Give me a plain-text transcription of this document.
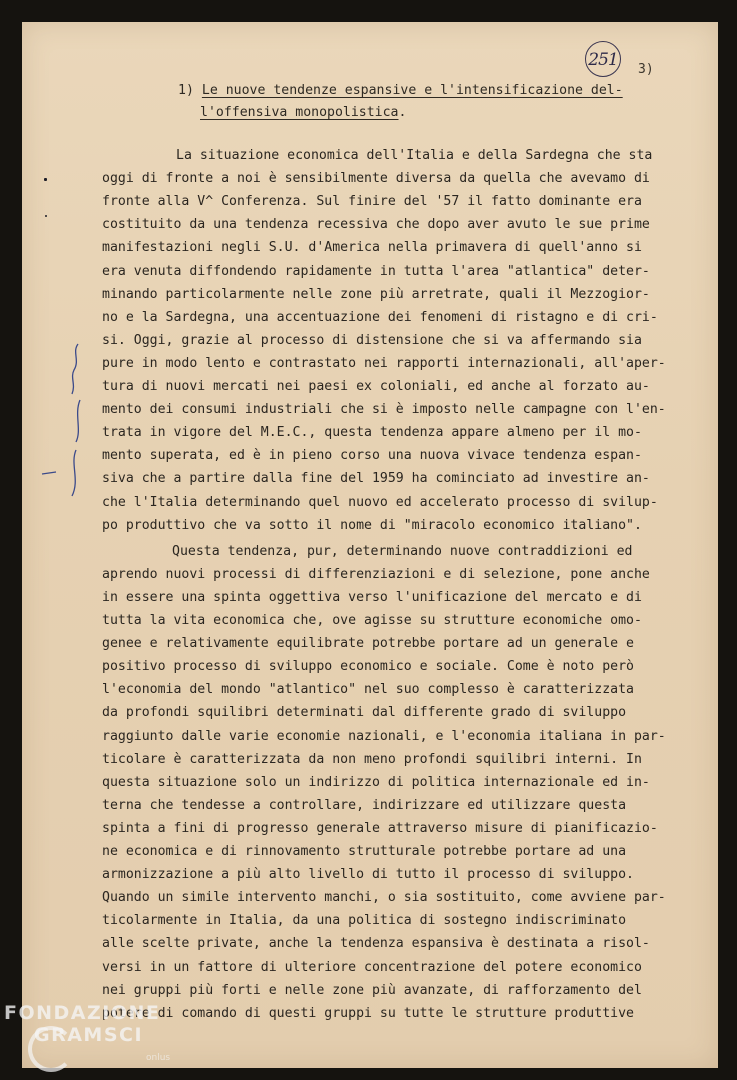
251 3)
1) Le nuove tendenze espansive e l'intensificazione del-
l'offensiva monopolistica.
La situazione economica dell'Italia e della Sardegna che sta
oggi di fronte a noi è sensibilmente diversa da quella che avevamo di
fronte alla V^ Conferenza. Sul finire del '57 il fatto dominante era
costituito da una tendenza recessiva che dopo aver avuto le sue prime
manifestazioni negli S.U. d'America nella primavera di quell'anno si
era venuta diffondendo rapidamente in tutta l'area "atlantica" deter-
minando particolarmente nelle zone più arretrate, quali il Mezzogior-
no e la Sardegna, una accentuazione dei fenomeni di ristagno e di cri-
si. Oggi, grazie al processo di distensione che si va affermando sia
pure in modo lento e contrastato nei rapporti internazionali, all'aper-
tura di nuovi mercati nei paesi ex coloniali, ed anche al forzato au-
mento dei consumi industriali che si è imposto nelle campagne con l'en-
trata in vigore del M.E.C., questa tendenza appare almeno per il mo-
mento superata, ed è in pieno corso una nuova vivace tendenza espan-
siva che a partire dalla fine del 1959 ha cominciato ad investire an-
che l'Italia determinando quel nuovo ed accelerato processo di svilup-
po produttivo che va sotto il nome di "miracolo economico italiano".
Questa tendenza, pur, determinando nuove contraddizioni ed
aprendo nuovi processi di differenziazioni e di selezione, pone anche
in essere una spinta oggettiva verso l'unificazione del mercato e di
tutta la vita economica che, ove agisse su strutture economiche omo-
genee e relativamente equilibrate potrebbe portare ad un generale e
positivo processo di sviluppo economico e sociale. Come è noto però
l'economia del mondo "atlantico" nel suo complesso è caratterizzata
da profondi squilibri determinati dal differente grado di sviluppo
raggiunto dalle varie economie nazionali, e l'economia italiana in par-
ticolare è caratterizzata da non meno profondi squilibri interni. In
questa situazione solo un indirizzo di politica internazionale ed in-
terna che tendesse a controllare, indirizzare ed utilizzare questa
spinta a fini di progresso generale attraverso misure di pianificazio-
ne economica e di rinnovamento strutturale potrebbe portare ad una
armonizzazione a più alto livello di tutto il processo di sviluppo.
Quando un simile intervento manchi, o sia sostituito, come avviene par-
ticolarmente in Italia, da una politica di sostegno indiscriminato
alle scelte private, anche la tendenza espansiva è destinata a risol-
versi in un fattore di ulteriore concentrazione del potere economico
nei gruppi più forti e nelle zone più avanzate, di rafforzamento del
potere di comando di questi gruppi su tutte le strutture produttive
FONDAZIONE
GRAMSCI
onlus
